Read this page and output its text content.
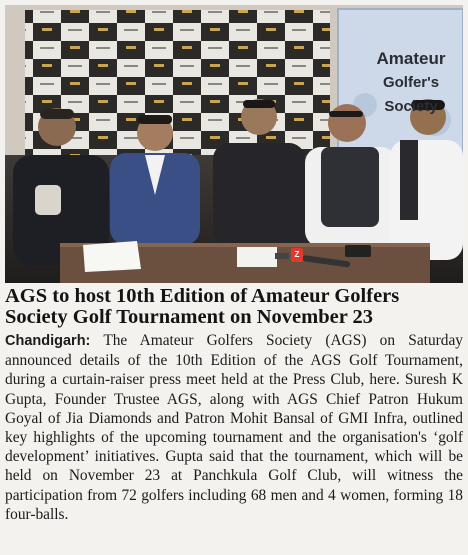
Amateur
Golfer's Society
Z
AGS to host 10th Edition of Amateur Golfers Society Golf Tournament on November 23

Chandigarh: The Amateur Golfers Society (AGS) on Saturday announced details of the 10th Edition of the AGS Golf Tournament, during a curtain-raiser press meet held at the Press Club, here. Suresh K Gupta, Founder Trustee AGS, along with AGS Chief Patron Hukum Goyal of Jia Diamonds and Patron Mohit Bansal of GMI Infra, outlined key highlights of the upcoming tournament and the organisation's ‘golf development’ initiatives. Gupta said that the tournament, which will be held on November 23 at Panchkula Golf Club, will witness the participation from 72 golfers including 68 men and 4 women, forming 18 four-balls.
